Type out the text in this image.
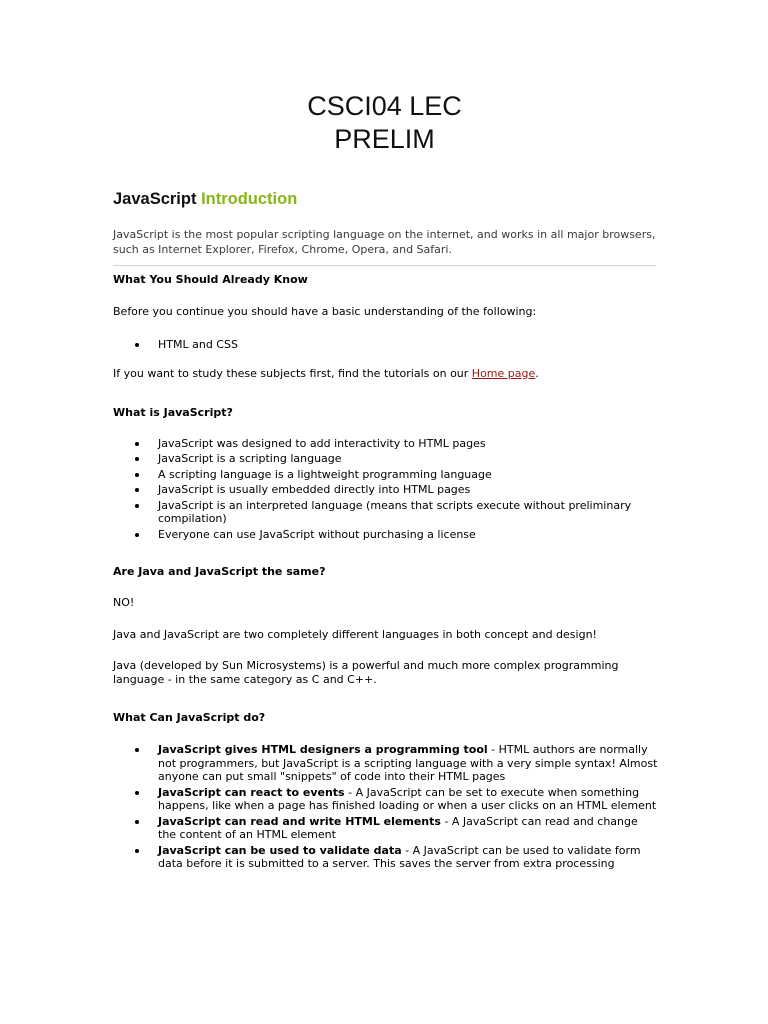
CSCI04 LEC
PRELIM
JavaScript Introduction

JavaScript is the most popular scripting language on the internet, and works in all major browsers, such as Internet Explorer, Firefox, Chrome, Opera, and Safari.

What You Should Already Know

Before you continue you should have a basic understanding of the following:

HTML and CSS

If you want to study these subjects first, find the tutorials on our Home page.

What is JavaScript?

JavaScript was designed to add interactivity to HTML pages
JavaScript is a scripting language
A scripting language is a lightweight programming language
JavaScript is usually embedded directly into HTML pages
JavaScript is an interpreted language (means that scripts execute without preliminary compilation)
Everyone can use JavaScript without purchasing a license

Are Java and JavaScript the same?

NO!

Java and JavaScript are two completely different languages in both concept and design!

Java (developed by Sun Microsystems) is a powerful and much more complex programming language - in the same category as C and C++.

What Can JavaScript do?

JavaScript gives HTML designers a programming tool - HTML authors are normally not programmers, but JavaScript is a scripting language with a very simple syntax! Almost anyone can put small "snippets" of code into their HTML pages
JavaScript can react to events - A JavaScript can be set to execute when something happens, like when a page has finished loading or when a user clicks on an HTML element
JavaScript can read and write HTML elements - A JavaScript can read and change the content of an HTML element
JavaScript can be used to validate data - A JavaScript can be used to validate form data before it is submitted to a server. This saves the server from extra processing
